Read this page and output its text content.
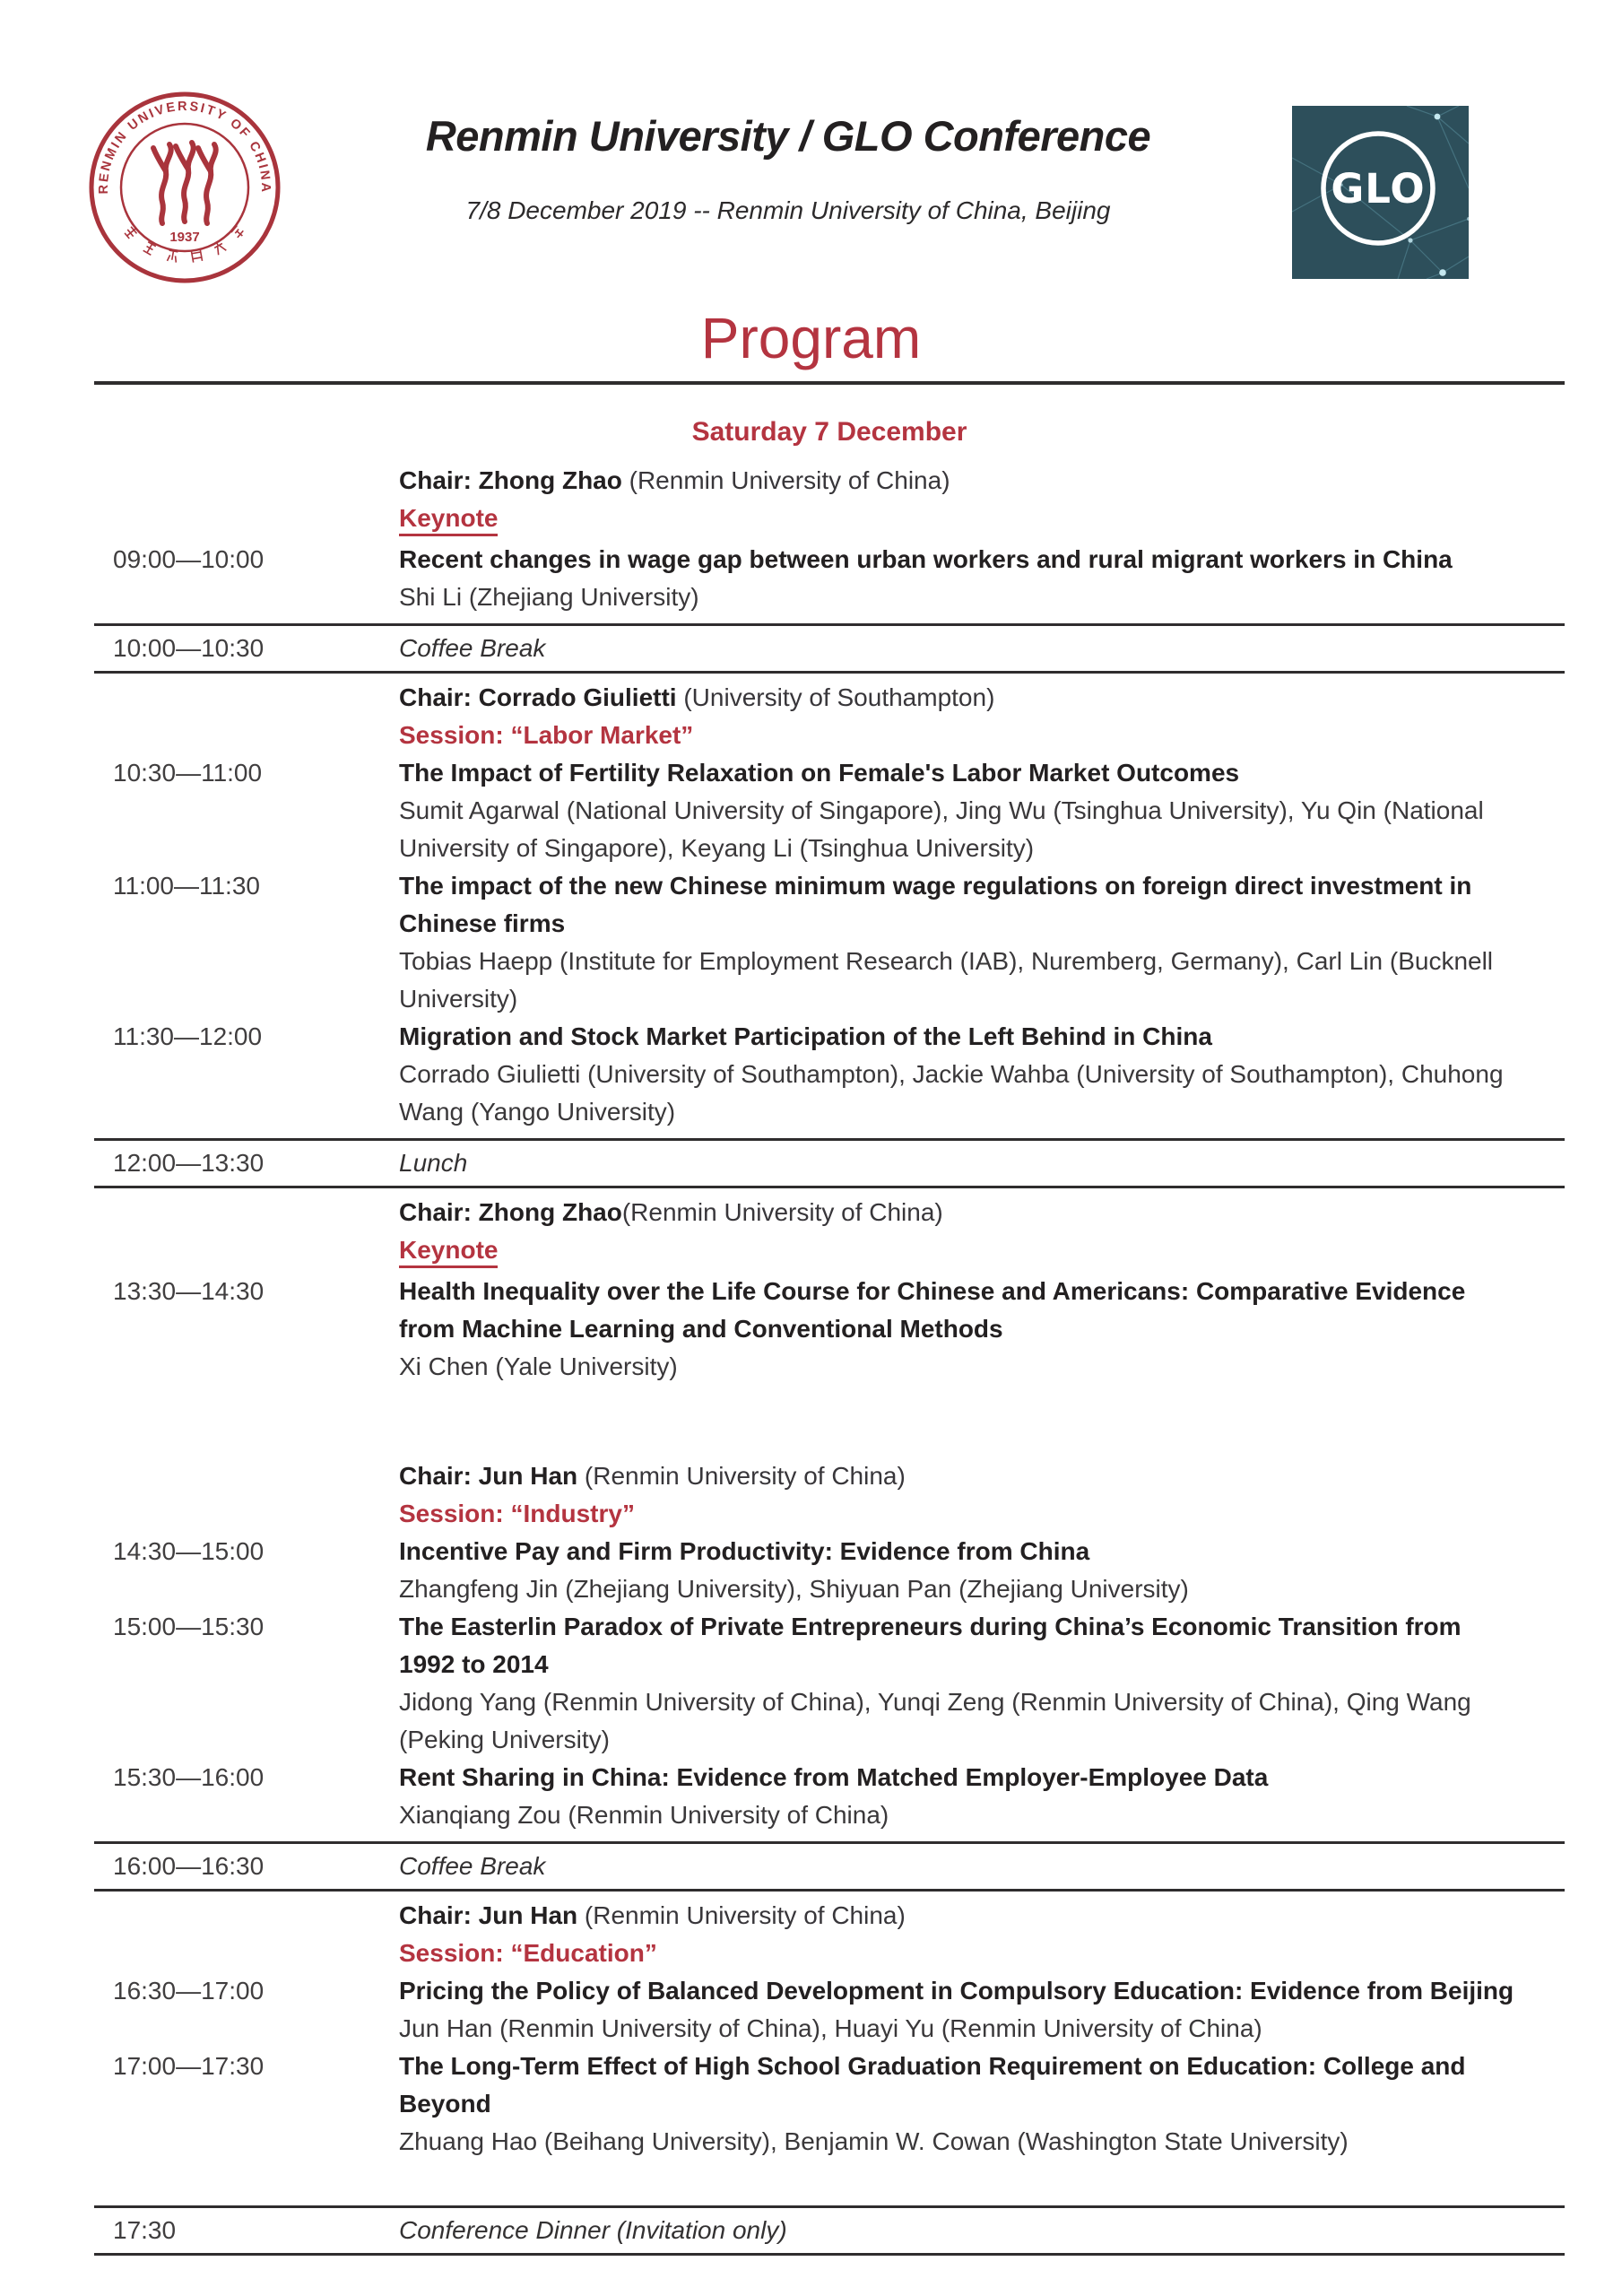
RENMIN UNIVERSITY OF CHINA
1937
Renmin University / GLO Conference
7/8 December 2019 -- Renmin University of China, Beijing	GLO
Program
Saturday 7 December
Chair: Zhong Zhao (Renmin University of China)
Keynote
09:00—10:00	Recent changes in wage gap between urban workers and rural migrant workers in China
Shi Li (Zhejiang University)
10:00—10:30	Coffee Break
Chair: Corrado Giulietti (University of Southampton)
Session: “Labor Market”
10:30—11:00	The Impact of Fertility Relaxation on Female's Labor Market Outcomes
Sumit Agarwal (National University of Singapore), Jing Wu (Tsinghua University), Yu Qin (National University of Singapore), Keyang Li (Tsinghua University)
11:00—11:30	The impact of the new Chinese minimum wage regulations on foreign direct investment in Chinese firms
Tobias Haepp (Institute for Employment Research (IAB), Nuremberg, Germany), Carl Lin (Bucknell University)
11:30—12:00	Migration and Stock Market Participation of the Left Behind in China
Corrado Giulietti (University of Southampton), Jackie Wahba (University of Southampton), Chuhong Wang (Yango University)
12:00—13:30	Lunch
Chair: Zhong Zhao(Renmin University of China)
Keynote
13:30—14:30	Health Inequality over the Life Course for Chinese and Americans: Comparative Evidence from Machine Learning and Conventional Methods
Xi Chen (Yale University)
Chair: Jun Han (Renmin University of China)
Session: “Industry”
14:30—15:00	Incentive Pay and Firm Productivity: Evidence from China
Zhangfeng Jin (Zhejiang University), Shiyuan Pan (Zhejiang University)
15:00—15:30	The Easterlin Paradox of Private Entrepreneurs during China’s Economic Transition from 1992 to 2014
Jidong Yang (Renmin University of China), Yunqi Zeng (Renmin University of China), Qing Wang (Peking University)
15:30—16:00	Rent Sharing in China: Evidence from Matched Employer-Employee Data
Xianqiang Zou (Renmin University of China)
16:00—16:30	Coffee Break
Chair: Jun Han (Renmin University of China)
Session: “Education”
16:30—17:00	Pricing the Policy of Balanced Development in Compulsory Education: Evidence from Beijing
Jun Han (Renmin University of China), Huayi Yu (Renmin University of China)
17:00—17:30	The Long-Term Effect of High School Graduation Requirement on Education: College and Beyond
Zhuang Hao (Beihang University), Benjamin W. Cowan (Washington State University)
17:30	Conference Dinner (Invitation only)
